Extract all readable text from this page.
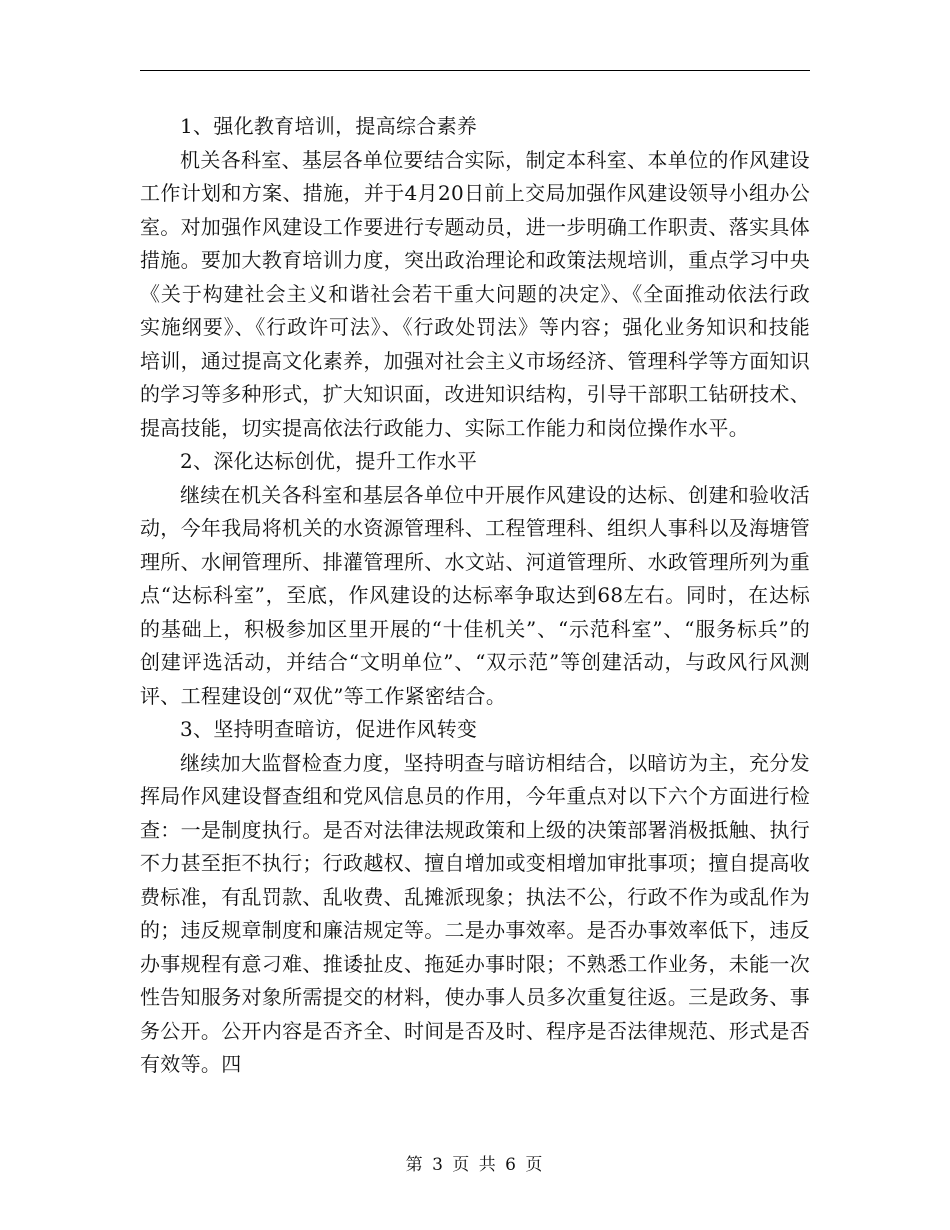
1、强化教育培训，提高综合素养

机关各科室、基层各单位要结合实际，制定本科室、本单位的作风建设工作计划和方案、措施，并于4月20日前上交局加强作风建设领导小组办公室。对加强作风建设工作要进行专题动员，进一步明确工作职责、落实具体措施。要加大教育培训力度，突出政治理论和政策法规培训，重点学习中央《关于构建社会主义和谐社会若干重大问题的决定》、《全面推动依法行政实施纲要》、《行政许可法》、《行政处罚法》等内容；强化业务知识和技能培训，通过提高文化素养，加强对社会主义市场经济、管理科学等方面知识的学习等多种形式，扩大知识面，改进知识结构，引导干部职工钻研技术、提高技能，切实提高依法行政能力、实际工作能力和岗位操作水平。

2、深化达标创优，提升工作水平

继续在机关各科室和基层各单位中开展作风建设的达标、创建和验收活动，今年我局将机关的水资源管理科、工程管理科、组织人事科以及海塘管理所、水闸管理所、排灌管理所、水文站、河道管理所、水政管理所列为重点“达标科室”，至底，作风建设的达标率争取达到68左右。同时，在达标的基础上，积极参加区里开展的“十佳机关”、“示范科室”、“服务标兵”的创建评选活动，并结合“文明单位”、“双示范”等创建活动，与政风行风测评、工程建设创“双优”等工作紧密结合。

3、坚持明查暗访，促进作风转变

继续加大监督检查力度，坚持明查与暗访相结合，以暗访为主，充分发挥局作风建设督查组和党风信息员的作用，今年重点对以下六个方面进行检查：一是制度执行。是否对法律法规政策和上级的决策部署消极抵触、执行不力甚至拒不执行；行政越权、擅自增加或变相增加审批事项；擅自提高收费标准，有乱罚款、乱收费、乱摊派现象；执法不公，行政不作为或乱作为的；违反规章制度和廉洁规定等。二是办事效率。是否办事效率低下，违反办事规程有意刁难、推诿扯皮、拖延办事时限；不熟悉工作业务，未能一次性告知服务对象所需提交的材料，使办事人员多次重复往返。三是政务、事务公开。公开内容是否齐全、时间是否及时、程序是否法律规范、形式是否有效等。四

第 3 页 共 6 页
